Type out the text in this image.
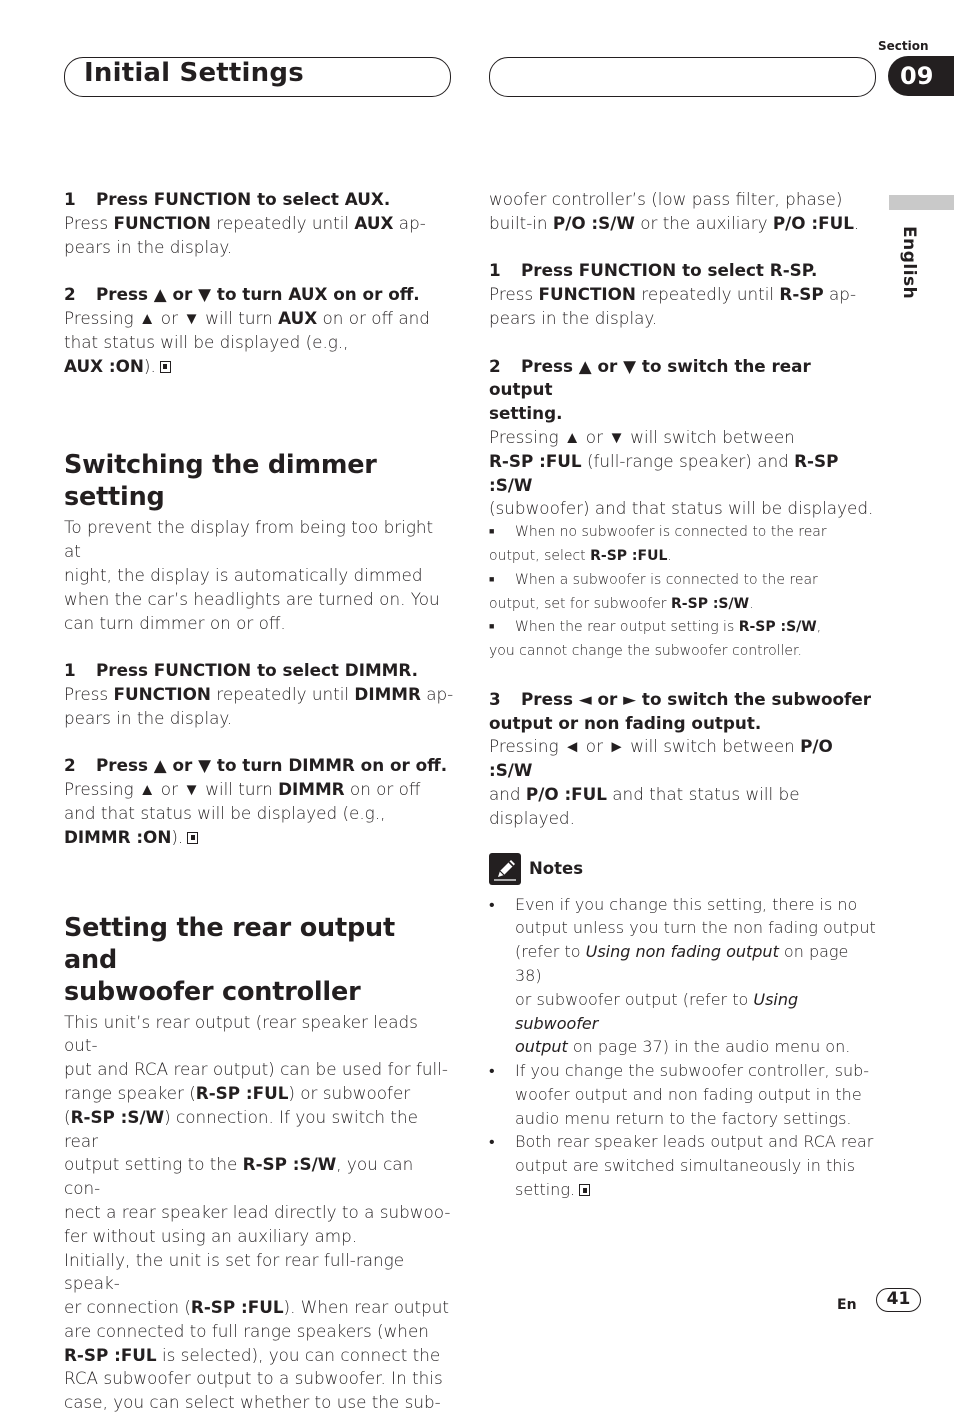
Initial Settings
Section
09
English

1 Press FUNCTION to select AUX.

Press FUNCTION repeatedly until AUX ap-
pears in the display.

2 Press ▲ or ▼ to turn AUX on or off.

Pressing ▲ or ▼ will turn AUX on or off and
that status will be displayed (e.g.,
AUX :ON).

Switching the dimmer setting

To prevent the display from being too bright at
night, the display is automatically dimmed
when the car’s headlights are turned on. You
can turn dimmer on or off.

1 Press FUNCTION to select DIMMR.

Press FUNCTION repeatedly until DIMMR ap-
pears in the display.

2 Press ▲ or ▼ to turn DIMMR on or off.

Pressing ▲ or ▼ will turn DIMMR on or off
and that status will be displayed (e.g.,
DIMMR :ON).

Setting the rear output and
subwoofer controller

This unit’s rear output (rear speaker leads out-
put and RCA rear output) can be used for full-
range speaker (R-SP :FUL) or subwoofer
(R-SP :S/W) connection. If you switch the rear
output setting to the R-SP :S/W, you can con-
nect a rear speaker lead directly to a subwoo-
fer without using an auxiliary amp.
Initially, the unit is set for rear full-range speak-
er connection (R-SP :FUL). When rear output
are connected to full range speakers (when
R-SP :FUL is selected), you can connect the
RCA subwoofer output to a subwoofer. In this
case, you can select whether to use the sub-

woofer controller’s (low pass filter, phase)
built-in P/O :S/W or the auxiliary P/O :FUL.

1 Press FUNCTION to select R-SP.

Press FUNCTION repeatedly until R-SP ap-
pears in the display.

2 Press ▲ or ▼ to switch the rear output
setting.

Pressing ▲ or ▼ will switch between
R-SP :FUL (full-range speaker) and R-SP :S/W
(subwoofer) and that status will be displayed.

■ When no subwoofer is connected to the rear
output, select R-SP :FUL.

■ When a subwoofer is connected to the rear
output, set for subwoofer R-SP :S/W.

■ When the rear output setting is R-SP :S/W,
you cannot change the subwoofer controller.

3 Press ◄ or ► to switch the subwoofer
output or non fading output.

Pressing ◄ or ► will switch between P/O :S/W
and P/O :FUL and that status will be displayed.

Notes

• Even if you change this setting, there is no
output unless you turn the non fading output
(refer to Using non fading output on page 38)
or subwoofer output (refer to Using subwoofer
output on page 37) in the audio menu on.

• If you change the subwoofer controller, sub-
woofer output and non fading output in the
audio menu return to the factory settings.

• Both rear speaker leads output and RCA rear
output are switched simultaneously in this
setting.

En	41
